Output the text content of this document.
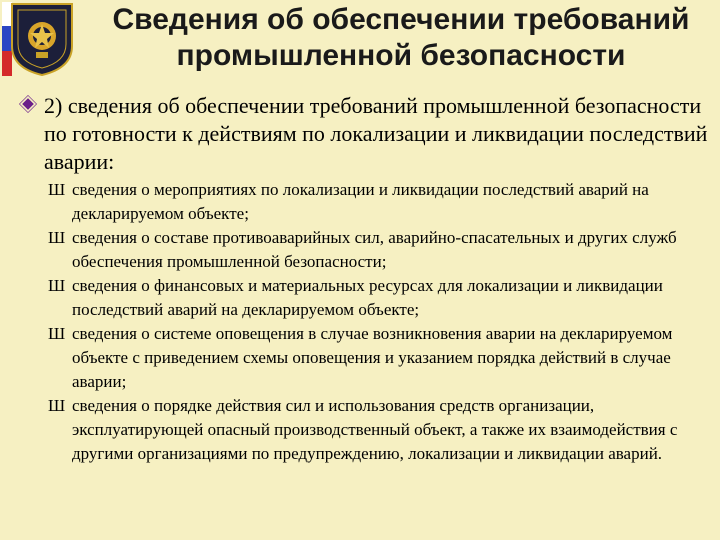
Сведения об обеспечении требований
промышленной безопасности
2) сведения об обеспечении требований промышленной безопасности по готовности к действиям по локализации и ликвидации последствий аварии:
Ш сведения о мероприятиях по локализации и ликвидации последствий аварий на декларируемом объекте;
Ш сведения о составе противоаварийных сил, аварийно-спасательных и других служб обеспечения промышленной безопасности;
Ш сведения о финансовых и материальных ресурсах для локализации и ликвидации последствий аварий на декларируемом объекте;
Ш сведения о системе оповещения в случае возникновения аварии на декларируемом объекте с приведением схемы оповещения и указанием порядка действий в случае аварии;
Ш сведения о порядке действия сил и использования средств организации, эксплуатирующей опасный производственный объект, а также их взаимодействия с другими организациями по предупреждению, локализации и ликвидации аварий.
